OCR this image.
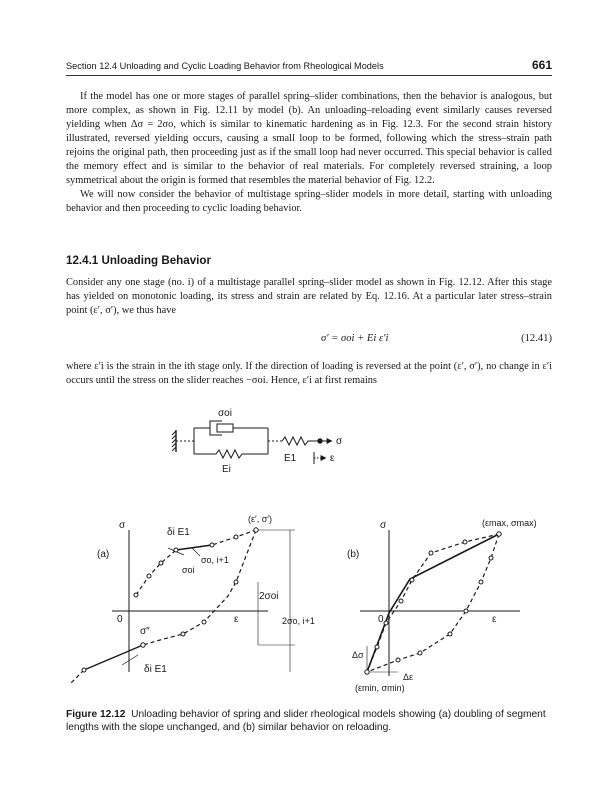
Section 12.4 Unloading and Cyclic Loading Behavior from Rheological Models	661

If the model has one or more stages of parallel spring–slider combinations, then the behavior is analogous, but more complex, as shown in Fig. 12.11 by model (b). An unloading–reloading event similarly causes reversed yielding when Δσ = 2σo, which is similar to kinematic hardening as in Fig. 12.3. For the second strain history illustrated, reversed yielding occurs, causing a small loop to be formed, following which the stress–strain path rejoins the original path, then proceeding just as if the small loop had never occurred. This special behavior is called the memory effect and is similar to the behavior of real materials. For completely reversed straining, a loop symmetrical about the origin is formed that resembles the material behavior of Fig. 12.2.

We will now consider the behavior of multistage spring–slider models in more detail, starting with unloading behavior and then proceeding to cyclic loading behavior.

12.4.1 Unloading Behavior

Consider any one stage (no. i) of a multistage parallel spring–slider model as shown in Fig. 12.12. After this stage has yielded on monotonic loading, its stress and strain are related by Eq. 12.16. At a particular later stress–strain point (ε′, σ′), we thus have

σ′ = σoi + Ei ε′i	(12.41)

where ε′i is the strain in the ith stage only. If the direction of loading is reversed at the point (ε′, σ′), no change in ε′i occurs until the stress on the slider reaches −σoi. Hence, ε′i at first remains

σoi
Ei
E1
σ
ε
σ
(a)
0	ε
δi E1
(ε′, σ′)
σo, i+1
σoi
2σoi
2σo, i+1
σ″
δi E1
σ
(b)
0	ε
(εmax, σmax)
(εmin, σmin)
Δσ
Δε
Figure 12.12 Unloading behavior of spring and slider rheological models showing (a) doubling of segment lengths with the slope unchanged, and (b) similar behavior on reloading.
